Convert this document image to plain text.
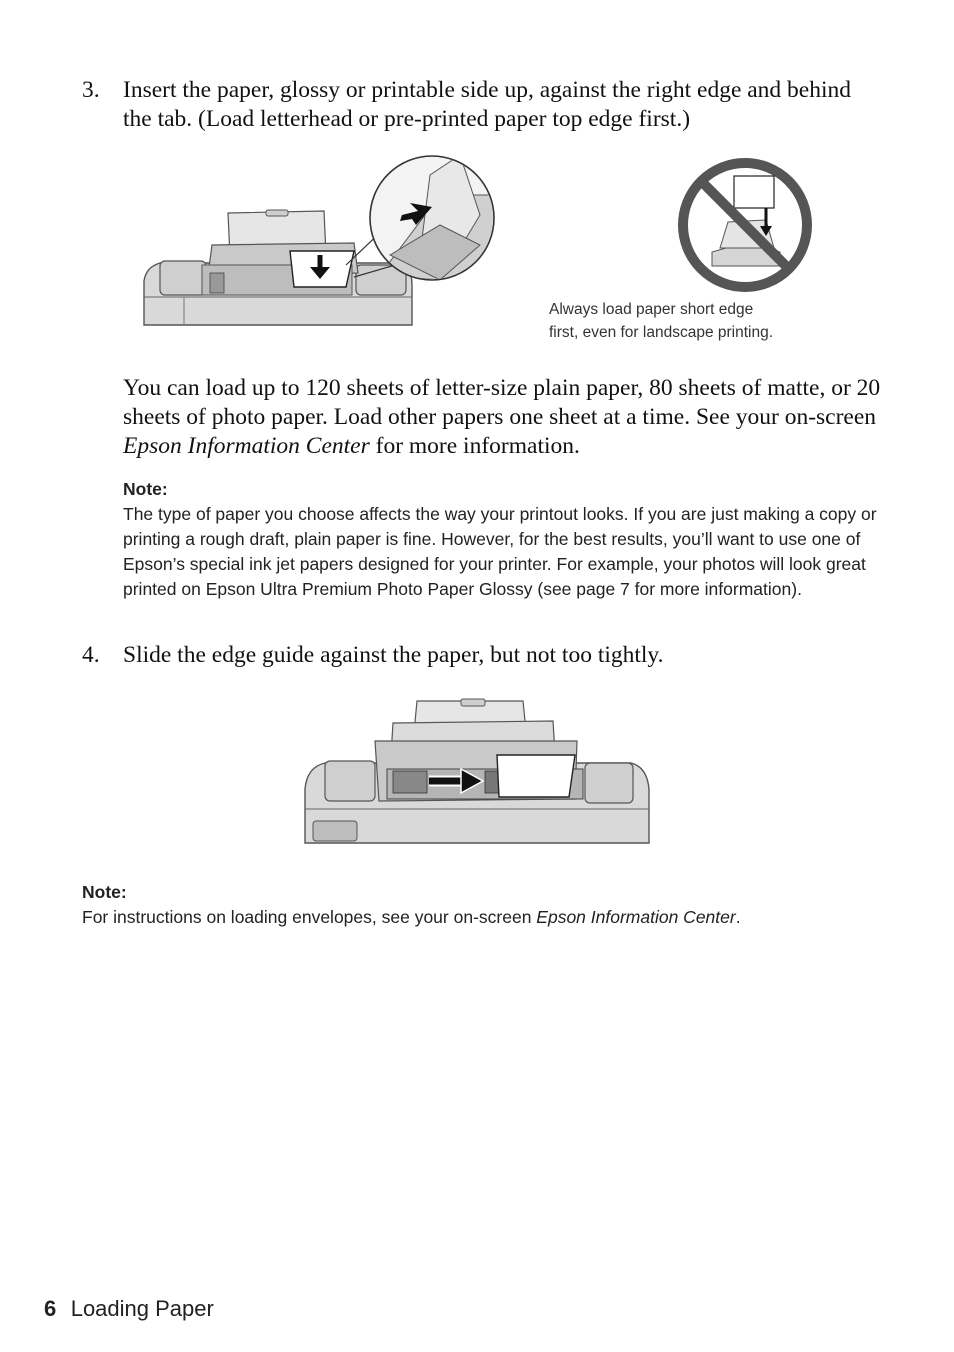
3. Insert the paper, glossy or printable side up, against the right edge and behind the tab. (Load letterhead or pre-printed paper top edge first.)
Always load paper short edge
first, even for landscape printing.
You can load up to 120 sheets of letter-size plain paper, 80 sheets of matte, or 20 sheets of photo paper. Load other papers one sheet at a time. See your on-screen Epson Information Center for more information.
Note:
The type of paper you choose affects the way your printout looks. If you are just making a copy or printing a rough draft, plain paper is fine. However, for the best results, you’ll want to use one of Epson’s special ink jet papers designed for your printer. For example, your photos will look great printed on Epson Ultra Premium Photo Paper Glossy (see page 7 for more information).
4. Slide the edge guide against the paper, but not too tightly.
Note:
For instructions on loading envelopes, see your on-screen Epson Information Center.
6 Loading Paper
